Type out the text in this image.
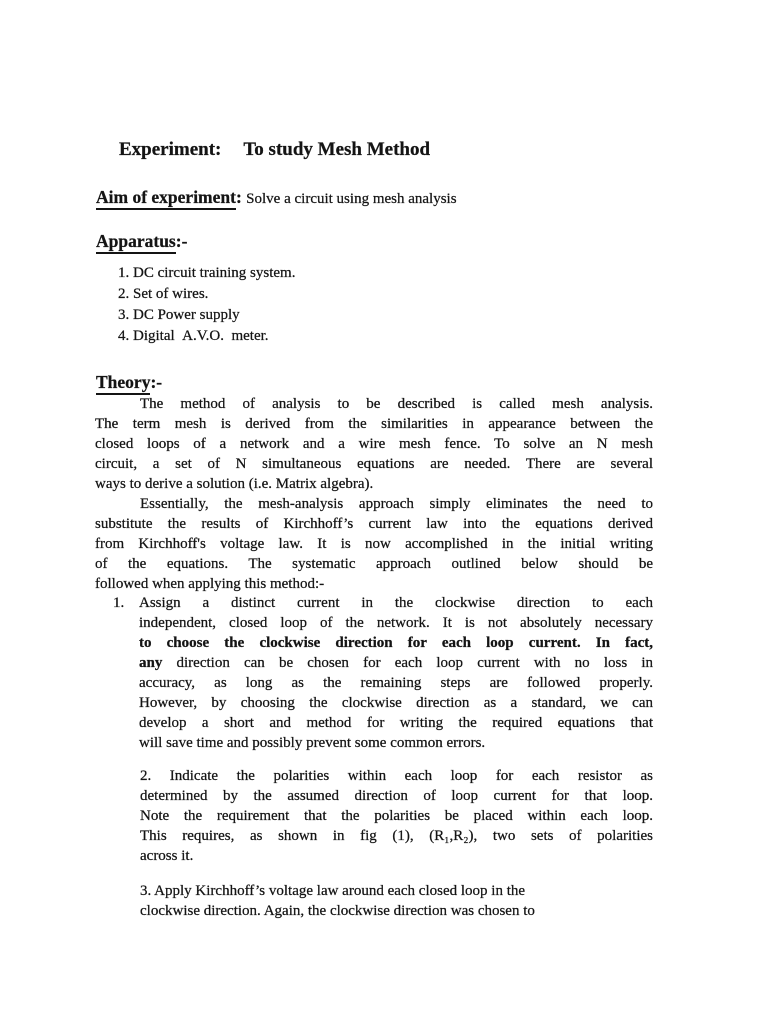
Experiment: To study Mesh Method
Aim of experiment: Solve a circuit using mesh analysis
Apparatus:-
1. DC circuit training system.
2. Set of wires.
3. DC Power supply
4. Digital  A.V.O.  meter.
Theory:-
The method of analysis to be described is called mesh analysis.
The term mesh is derived from the similarities in appearance between the
closed loops of a network and a wire mesh fence. To solve an N mesh
circuit, a set of N simultaneous equations are needed. There are several
ways to derive a solution (i.e. Matrix algebra).
Essentially, the mesh-analysis approach simply eliminates the need to
substitute the results of Kirchhoff’s current law into the equations derived
from Kirchhoff's voltage law. It is now accomplished in the initial writing
of the equations. The systematic approach outlined below should be
followed when applying this method:-
1. Assign a distinct current in the clockwise direction to each
independent, closed loop of the network. It is not absolutely necessary
to choose the clockwise direction for each loop current. In fact,
any direction can be chosen for each loop current with no loss in
accuracy, as long as the remaining steps are followed properly.
However, by choosing the clockwise direction as a standard, we can
develop a short and method for writing the required equations that
will save time and possibly prevent some common errors.
2. Indicate the polarities within each loop for each resistor as
determined by the assumed direction of loop current for that loop.
Note the requirement that the polarities be placed within each loop.
This requires, as shown in fig (1), (R₁,R₂), two sets of polarities
across it.
3. Apply Kirchhoff’s voltage law around each closed loop in the
clockwise direction. Again, the clockwise direction was chosen to
